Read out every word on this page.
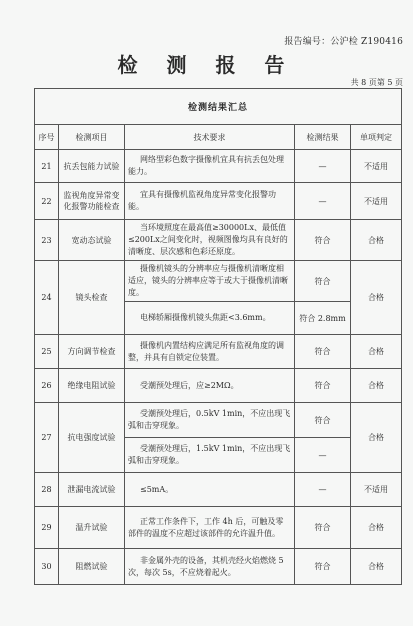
报告编号：公沪检 Z190416
检 测 报 告
共 8 页第 5 页
检测结果汇总				
序号	检测项目	技术要求	检测结果	单项判定
21	抗丢包能力试验	网络型彩色数字摄像机宜具有抗丢包处理能力。	—	不适用
22	监视角度异常变化报警功能检查	宜具有摄像机监视角度异常变化报警功能。	—	不适用
23	宽动态试验	当环境照度在最高值≥30000Lx、最低值≤200Lx之间变化时，视频图像均具有良好的清晰度、层次感和色彩还原度。	符合	合格
24	镜头检查	摄像机镜头的分辨率应与摄像机清晰度相适应，镜头的分辨率应等于或大于摄像机清晰度。	符合	合格
		电梯轿厢摄像机镜头焦距<3.6mm。	符合 2.8mm	
25	方向调节检查	摄像机内置结构应满足所有监视角度的调整，并具有自锁定位装置。	符合	合格
26	绝缘电阻试验	受潮预处理后，应≥2MΩ。	符合	合格
27	抗电强度试验	受潮预处理后，0.5kV 1min，不应出现飞弧和击穿现象。	符合	合格
		受潮预处理后，1.5kV 1min，不应出现飞弧和击穿现象。	—	
28	泄漏电流试验	≤5mA。	—	不适用
29	温升试验	正常工作条件下，工作 4h 后，可触及零部件的温度不应超过该部件的允许温升值。	符合	合格
30	阻燃试验	非金属外壳的设备，其机壳经火焰燃烧 5 次，每次 5s，不应烧着起火。	符合	合格
